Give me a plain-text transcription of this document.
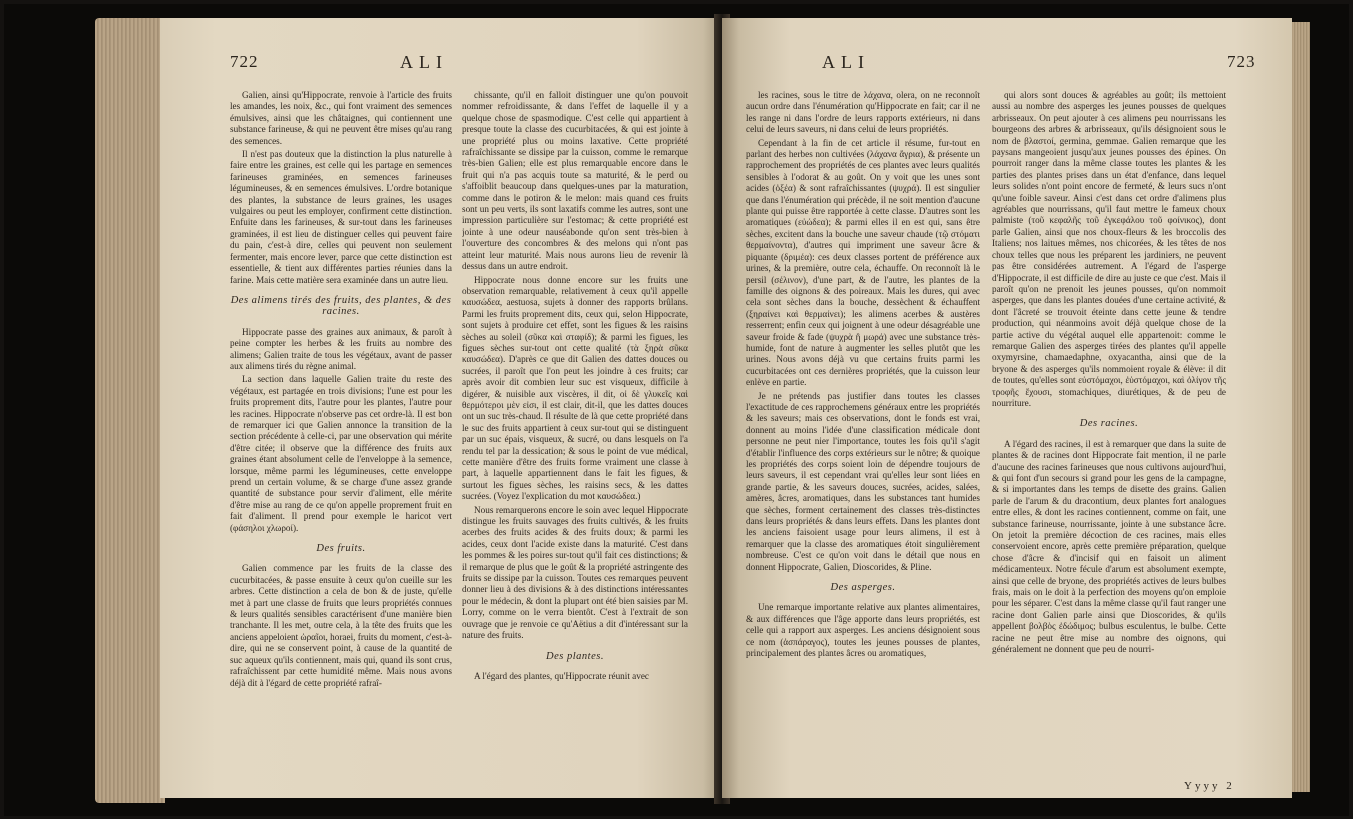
722	ALI

Galien, ainsi qu'Hippocrate, renvoie à l'article des fruits les amandes, les noix, &c., qui font vraiment des semences émulsives, ainsi que les châtaignes, qui contiennent une substance farineuse, & qui ne peuvent être mises qu'au rang des semences.

Il n'est pas douteux que la distinction la plus naturelle à faire entre les graines, est celle qui les partage en semences farineuses graminées, en semences farineuses légumineuses, & en semences émulsives. L'ordre botanique des plantes, la substance de leurs graines, les usages vulgaires ou peut les employer, confirment cette distinction. Enfuite dans les farineuses, & sur-tout dans les farineuses graminées, il est lieu de distinguer celles qui peuvent faire du pain, c'est-à dire, celles qui peuvent non seulement fermenter, mais encore lever, parce que cette distinction est essentielle, & tient aux différentes parties réunies dans la farine. Mais cette matière sera examinée dans un autre lieu.

Des alimens tirés des fruits, des plantes, & des racines.

Hippocrate passe des graines aux animaux, & paroît à peine compter les herbes & les fruits au nombre des alimens; Galien traite de tous les végétaux, avant de passer aux alimens tirés du règne animal.

La section dans laquelle Galien traite du reste des végétaux, est partagée en trois divisions; l'une est pour les fruits proprement dits, l'autre pour les plantes, l'autre pour les racines. Hippocrate n'observe pas cet ordre-là. Il est bon de remarquer ici que Galien annonce la transition de la section précédente à celle-ci, par une observation qui mérite d'être citée; il observe que la différence des fruits aux graines étant absolument celle de l'enveloppe à la semence, lorsque, même parmi les légumineuses, cette enveloppe prend un certain volume, & se charge d'une assez grande quantité de substance pour servir d'aliment, elle mérite d'être mise au rang de ce qu'on appelle proprement fruit en fait d'aliment. Il prend pour exemple le haricot vert (φάσηλοι χλωροί).

Des fruits.

Galien commence par les fruits de la classe des cucurbitacées, & passe ensuite à ceux qu'on cueille sur les arbres. Cette distinction a cela de bon & de juste, qu'elle met à part une classe de fruits que leurs propriétés connues & leurs qualités sensibles caractérisent d'une manière bien tranchante. Il les met, outre cela, à la tête des fruits que les anciens appeloient ὡραῖοι, horaei, fruits du moment, c'est-à-dire, qui ne se conservent point, à cause de la quantité de suc aqueux qu'ils contiennent, mais qui, quand ils sont crus, rafraîchissent par cette humidité même. Mais nous avons déjà dit à l'égard de cette propriété rafraî-

chissante, qu'il en falloit distinguer une qu'on pouvoit nommer refroidissante, & dans l'effet de laquelle il y a quelque chose de spasmodique. C'est celle qui appartient à presque toute la classe des cucurbitacées, & qui est jointe à une propriété plus ou moins laxative. Cette propriété rafraîchissante se dissipe par la cuisson, comme le remarque très-bien Galien; elle est plus remarquable encore dans le fruit qui n'a pas acquis toute sa maturité, & le perd ou s'affoiblit beaucoup dans quelques-unes par la maturation, comme dans le potiron & le melon: mais quand ces fruits sont un peu verts, ils sont laxatifs comme les autres, sont une impression particulière sur l'estomac; & cette propriété est jointe à une odeur nauséabonde qu'on sent très-bien à l'ouverture des concombres & des melons qui n'ont pas atteint leur maturité. Mais nous aurons lieu de revenir là dessus dans un autre endroit.

Hippocrate nous donne encore sur les fruits une observation remarquable, relativement à ceux qu'il appelle καυσώδεα, aestuosa, sujets à donner des rapports brûlans. Parmi les fruits proprement dits, ceux qui, selon Hippocrate, sont sujets à produire cet effet, sont les figues & les raisins sèches au soleil (σῦκα καὶ σταφίδ); & parmi les figues, les figues sèches sur-tout ont cette qualité (τὰ ξηρὰ σῦκα καυσώδεα). D'après ce que dit Galien des dattes douces ou sucrées, il paroît que l'on peut les joindre à ces fruits; car après avoir dit combien leur suc est visqueux, difficile à digérer, & nuisible aux viscères, il dit, οἱ δὲ γλυκεῖς καὶ θερμότεροι μὲν εἰσι, il est clair, dit-il, que les dattes douces ont un suc très-chaud. Il résulte de là que cette propriété dans le suc des fruits appartient à ceux sur-tout qui se distinguent par un suc épais, visqueux, & sucré, ou dans lesquels on l'a rendu tel par la dessication; & sous le point de vue médical, cette manière d'être des fruits forme vraiment une classe à part, à laquelle appartiennent dans le fait les figues, & surtout les figues sèches, les raisins secs, & les dattes sucrées. (Voyez l'explication du mot καυσώδεα.)

Nous remarquerons encore le soin avec lequel Hippocrate distingue les fruits sauvages des fruits cultivés, & les fruits acerbes des fruits acides & des fruits doux; & parmi les acides, ceux dont l'acide existe dans la maturité. C'est dans les pommes & les poires sur-tout qu'il fait ces distinctions; & il remarque de plus que le goût & la propriété astringente des fruits se dissipe par la cuisson. Toutes ces remarques peuvent donner lieu à des divisions & à des distinctions intéressantes pour le médecin, & dont la plupart ont été bien saisies par M. Lorry, comme on le verra bientôt. C'est à l'extrait de son ouvrage que je renvoie ce qu'Aëtius a dit d'intéressant sur la nature des fruits.

Des plantes.

A l'égard des plantes, qu'Hippocrate réunit avec

ALI	723

les racines, sous le titre de λάχανα, olera, on ne reconnoît aucun ordre dans l'énumération qu'Hippocrate en fait; car il ne les range ni dans l'ordre de leurs rapports extérieurs, ni dans celui de leurs saveurs, ni dans celui de leurs propriétés.

Cependant à la fin de cet article il résume, fur-tout en parlant des herbes non cultivées (λάχανα ἄγρια), & présente un rapprochement des propriétés de ces plantes avec leurs qualités sensibles à l'odorat & au goût. On y voit que les unes sont acides (ὀξέα) & sont rafraîchissantes (ψυχρά). Il est singulier que dans l'énumération qui précède, il ne soit mention d'aucune plante qui puisse être rapportée à cette classe. D'autres sont les aromatiques (εὐώδεα); & parmi elles il en est qui, sans être sèches, excitent dans la bouche une saveur chaude (τῷ στόματι θερμαίνοντα), d'autres qui impriment une saveur âcre & piquante (δριμέα): ces deux classes portent de préférence aux urines, & la première, outre cela, échauffe. On reconnoît là le persil (σέλινον), d'une part, & de l'autre, les plantes de la famille des oignons & des poireaux. Mais les dures, qui avec cela sont sèches dans la bouche, dessèchent & échauffent (ξηραίνει καὶ θερμαίνει); les alimens acerbes & austères resserrent; enfin ceux qui joignent à une odeur désagréable une saveur froide & fade (ψυχρὰ ἢ μωρά) avec une substance très-humide, font de nature à augmenter les selles plutôt que les urines. Nous avons déjà vu que certains fruits parmi les cucurbitacées ont ces dernières propriétés, que la cuisson leur enlève en partie.

Je ne prétends pas justifier dans toutes les classes l'exactitude de ces rapprochemens généraux entre les propriétés & les saveurs; mais ces observations, dont le fonds est vrai, donnent au moins l'idée d'une classification médicale dont personne ne peut nier l'importance, toutes les fois qu'il s'agit d'établir l'influence des corps extérieurs sur le nôtre; & quoique les propriétés des corps soient loin de dépendre toujours de leurs saveurs, il est cependant vrai qu'elles leur sont liées en grande partie, & les saveurs douces, sucrées, acides, salées, amères, âcres, aromatiques, dans les substances tant humides que sèches, forment certainement des classes très-distinctes dans leurs propriétés & dans leurs effets. Dans les plantes dont les anciens faisoient usage pour leurs alimens, il est à remarquer que la classe des aromatiques étoit singulièrement nombreuse. C'est ce qu'on voit dans le détail que nous en donnent Hippocrate, Galien, Dioscorides, & Pline.

Des asperges.

Une remarque importante relative aux plantes alimentaires, & aux différences que l'âge apporte dans leurs propriétés, est celle qui a rapport aux asperges. Les anciens désignoient sous ce nom (ἀσπάραγος), toutes les jeunes pousses de plantes, principalement des plantes âcres ou aromatiques,

qui alors sont douces & agréables au goût; ils mettoient aussi au nombre des asperges les jeunes pousses de quelques arbrisseaux. On peut ajouter à ces alimens peu nourrissans les bourgeons des arbres & arbrisseaux, qu'ils désignoient sous le nom de βλαστοί, germina, gemmae. Galien remarque que les paysans mangeoient jusqu'aux jeunes pousses des épines. On pourroit ranger dans la même classe toutes les plantes & les parties des plantes prises dans un état d'enfance, dans lequel leurs solides n'ont point encore de fermeté, & leurs sucs n'ont qu'une foible saveur. Ainsi c'est dans cet ordre d'alimens plus agréables que nourrissans, qu'il faut mettre le fameux choux palmiste (τοῦ κεφαλῆς τοῦ ἐγκεφάλου τοῦ φοίνικος), dont parle Galien, ainsi que nos choux-fleurs & les broccolis des Italiens; nos laitues mêmes, nos chicorées, & les têtes de nos choux telles que nous les préparent les jardiniers, ne peuvent pas être considérées autrement. A l'égard de l'asperge d'Hippocrate, il est difficile de dire au juste ce que c'est. Mais il paroît qu'on ne prenoit les jeunes pousses, qu'on nommoit asperges, que dans les plantes douées d'une certaine activité, & dont l'âcreté se trouvoit éteinte dans cette jeune & tendre production, qui néanmoins avoit déjà quelque chose de la partie active du végétal auquel elle appartenoit: comme le remarque Galien des asperges tirées des plantes qu'il appelle oxymyrsine, chamaedaphne, oxyacantha, ainsi que de la bryone & des asperges qu'ils nommoient royale & élève: il dit de toutes, qu'elles sont εὐστόμαχοι, ἐὐστόμαχοι, καὶ ὀλίγον τῆς τροφῆς ἔχουσι, stomachiques, diurétiques, & de peu de nourriture.

Des racines.

A l'égard des racines, il est à remarquer que dans la suite de plantes & de racines dont Hippocrate fait mention, il ne parle d'aucune des racines farineuses que nous cultivons aujourd'hui, & qui font d'un secours si grand pour les gens de la campagne, & si importantes dans les temps de disette des grains. Galien parle de l'arum & du dracontium, deux plantes fort analogues entre elles, & dont les racines contiennent, comme on fait, une substance farineuse, nourrissante, jointe à une substance âcre. On jetoit la première décoction de ces racines, mais elles conservoient encore, après cette première préparation, quelque chose d'âcre & d'incisif qui en faisoit un aliment médicamenteux. Notre fécule d'arum est absolument exempte, ainsi que celle de bryone, des propriétés actives de leurs bulbes frais, mais on le doit à la perfection des moyens qu'on emploie pour les séparer. C'est dans la même classe qu'il faut ranger une racine dont Galien parle ainsi que Dioscorides, & qu'ils appellent βολβὸς ἐδώδιμος; bulbus esculentus, le bulbe. Cette racine ne peut être mise au nombre des oignons, qui généralement ne donnent que peu de nourri-

Yyyy 2
